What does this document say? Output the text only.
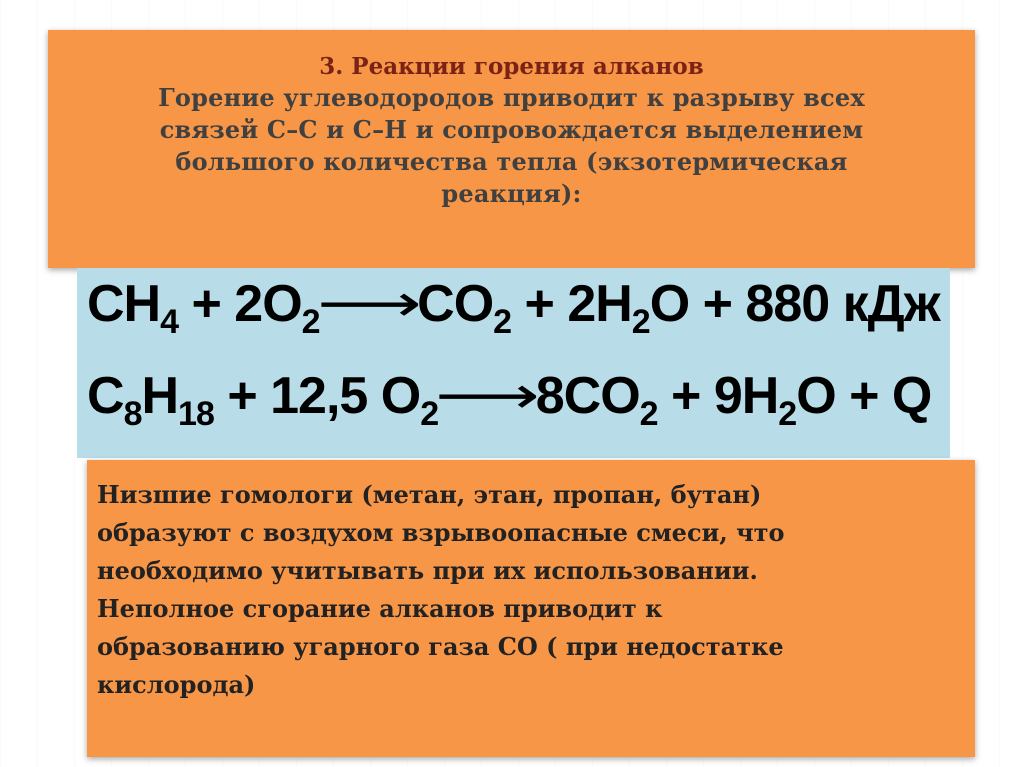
3. Реакции горения алканов
Горение углеводородов приводит к разрыву всех
связей С–С и С–Н и сопровождается выделением
большого количества тепла (экзотермическая
реакция):
$CH_4$ + $2O_2⟶CO_2 + 2H_2O + 880$ кДж
$C_8H_{18} + 12,5$ $O_2⟶8CO_2 + 9H_2O + Q$
Низшие гомологи (метан, этан, пропан, бутан)
образуют с воздухом взрывоопасные смеси, что
необходимо учитывать при их использовании.
Неполное сгорание алканов приводит к
образованию угарного газа СО ( при недостатке
кислорода)
